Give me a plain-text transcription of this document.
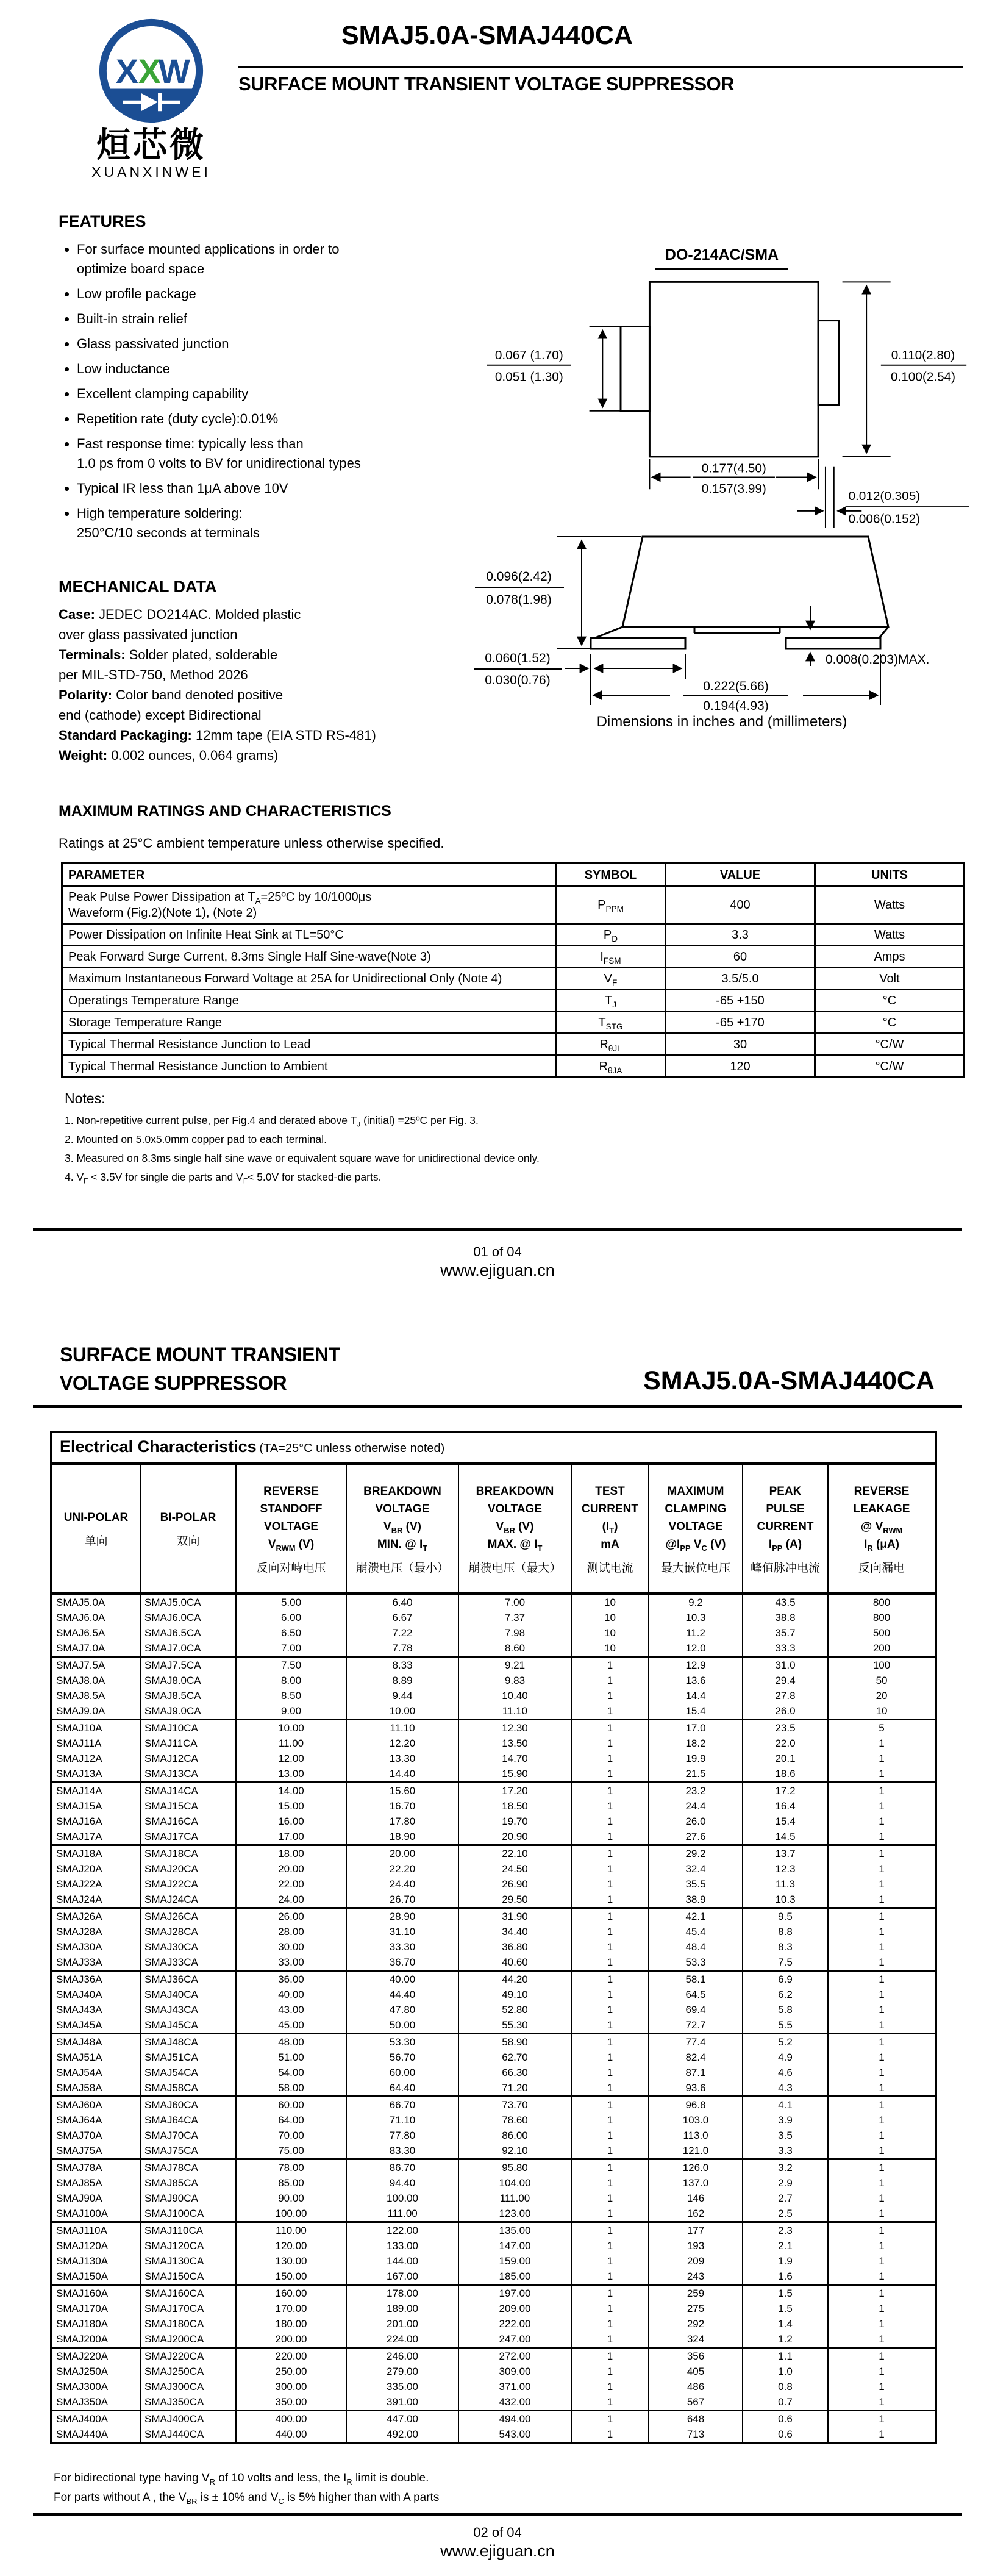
X X
W
烜芯微
XUANXINWEI
SMAJ5.0A-SMAJ440CA
SURFACE MOUNT TRANSIENT VOLTAGE SUPPRESSOR
FEATURES
• For surface mounted applications in order to
optimize board space
• Low profile package
• Built-in strain relief
• Glass passivated junction
• Low inductance
• Excellent clamping capability
• Repetition rate (duty cycle):0.01%
• Fast response time: typically less than
1.0 ps from 0 volts to BV for unidirectional types
• Typical IR less than 1μA above 10V
• High temperature soldering:
250°C/10 seconds at terminals
DO-214AC/SMA
0.067 (1.70)
0.051 (1.30)
0.110(2.80)
0.100(2.54)
0.177(4.50)
0.157(3.99)
0.012(0.305)
0.006(0.152)
0.096(2.42)
0.078(1.98)
0.060(1.52)
0.030(0.76)
0.008(0.203)MAX.
0.222(5.66)
0.194(4.93)
Dimensions in inches and (millimeters)
MECHANICAL DATA
Case: JEDEC DO214AC. Molded plastic
over glass passivated junction
Terminals: Solder plated, solderable
per MIL-STD-750, Method 2026
Polarity: Color band denoted positive
end (cathode) except Bidirectional
Standard Packaging: 12mm tape (EIA STD RS-481)
Weight: 0.002 ounces, 0.064 grams)
MAXIMUM RATINGS AND CHARACTERISTICS
Ratings at 25°C ambient temperature unless otherwise specified.
PARAMETER	SYMBOL	VALUE	UNITS
Peak Pulse Power Dissipation at $T_A=25ºC$ by 10/1000μs
Waveform (Fig.2)(Note 1), (Note 2)	$P_{PPM}$	400	Watts
Power Dissipation on Infinite Heat Sink at TL=50°C	$P_D$	3.3	Watts
Peak Forward Surge Current, 8.3ms Single Half Sine-wave(Note 3)	$I_{FSM}$	60	Amps
Maximum Instantaneous Forward Voltage at 25A for Unidirectional Only (Note 4)	$V_F$	3.5/5.0	Volt
Operatings Temperature Range	$T_J$	-65 +150	°C
Storage Temperature Range	$T_{STG}$	-65 +170	°C
Typical Thermal Resistance Junction to Lead	$R_{\theta JL}$	30	°C/W
Typical Thermal Resistance Junction to Ambient	$R_{\theta JA}$	120	°C/W
Notes:
1. Non-repetitive current pulse, per Fig.4 and derated above $T_J$ (initial) =25ºC per Fig. 3.
2. Mounted on 5.0x5.0mm copper pad to each terminal.
3. Measured on 8.3ms single half sine wave or equivalent square wave for unidirectional device only.
4. $V_F < 3.5V$ for single die parts and $V_F< 5.0V$ for stacked-die parts.
01 of 04
www.ejiguan.cn
SURFACE MOUNT TRANSIENT
VOLTAGE SUPPRESSOR	SMAJ5.0A-SMAJ440CA
Electrical Characteristics (TA=25°C unless otherwise noted)								

UNI-POLAR
单向

BI-POLAR
双向

REVERSE
STANDOFF
VOLTAGE
$V_{RWM}$ (V)
反向对峙电压

BREAKDOWN
VOLTAGE
$V_{BR}$ (V)
MIN. @ $I_T$
崩溃电压（最小）

BREAKDOWN
VOLTAGE
$V_{BR}$ (V)
MAX. @ $I_T$
崩溃电压（最大）

TEST
CURRENT
$(I_T)$
mA
测试电流

MAXIMUM
CLAMPING
VOLTAGE
$@I_{PP}$ $V_C$ (V)
最大嵌位电压

PEAK
PULSE
CURRENT
$I_{PP}$ (A)
峰值脉冲电流

REVERSE
LEAKAGE
@ $V_{RWM}$
$I_R$ (μA)
反向漏电

SMAJ5.0A	SMAJ5.0CA	5.00	6.40	7.00	10	9.2	43.5	800
SMAJ6.0A	SMAJ6.0CA	6.00	6.67	7.37	10	10.3	38.8	800
SMAJ6.5A	SMAJ6.5CA	6.50	7.22	7.98	10	11.2	35.7	500
SMAJ7.0A	SMAJ7.0CA	7.00	7.78	8.60	10	12.0	33.3	200
SMAJ7.5A	SMAJ7.5CA	7.50	8.33	9.21	1	12.9	31.0	100
SMAJ8.0A	SMAJ8.0CA	8.00	8.89	9.83	1	13.6	29.4	50
SMAJ8.5A	SMAJ8.5CA	8.50	9.44	10.40	1	14.4	27.8	20
SMAJ9.0A	SMAJ9.0CA	9.00	10.00	11.10	1	15.4	26.0	10
SMAJ10A	SMAJ10CA	10.00	11.10	12.30	1	17.0	23.5	5
SMAJ11A	SMAJ11CA	11.00	12.20	13.50	1	18.2	22.0	1
SMAJ12A	SMAJ12CA	12.00	13.30	14.70	1	19.9	20.1	1
SMAJ13A	SMAJ13CA	13.00	14.40	15.90	1	21.5	18.6	1
SMAJ14A	SMAJ14CA	14.00	15.60	17.20	1	23.2	17.2	1
SMAJ15A	SMAJ15CA	15.00	16.70	18.50	1	24.4	16.4	1
SMAJ16A	SMAJ16CA	16.00	17.80	19.70	1	26.0	15.4	1
SMAJ17A	SMAJ17CA	17.00	18.90	20.90	1	27.6	14.5	1
SMAJ18A	SMAJ18CA	18.00	20.00	22.10	1	29.2	13.7	1
SMAJ20A	SMAJ20CA	20.00	22.20	24.50	1	32.4	12.3	1
SMAJ22A	SMAJ22CA	22.00	24.40	26.90	1	35.5	11.3	1
SMAJ24A	SMAJ24CA	24.00	26.70	29.50	1	38.9	10.3	1
SMAJ26A	SMAJ26CA	26.00	28.90	31.90	1	42.1	9.5	1
SMAJ28A	SMAJ28CA	28.00	31.10	34.40	1	45.4	8.8	1
SMAJ30A	SMAJ30CA	30.00	33.30	36.80	1	48.4	8.3	1
SMAJ33A	SMAJ33CA	33.00	36.70	40.60	1	53.3	7.5	1
SMAJ36A	SMAJ36CA	36.00	40.00	44.20	1	58.1	6.9	1
SMAJ40A	SMAJ40CA	40.00	44.40	49.10	1	64.5	6.2	1
SMAJ43A	SMAJ43CA	43.00	47.80	52.80	1	69.4	5.8	1
SMAJ45A	SMAJ45CA	45.00	50.00	55.30	1	72.7	5.5	1
SMAJ48A	SMAJ48CA	48.00	53.30	58.90	1	77.4	5.2	1
SMAJ51A	SMAJ51CA	51.00	56.70	62.70	1	82.4	4.9	1
SMAJ54A	SMAJ54CA	54.00	60.00	66.30	1	87.1	4.6	1
SMAJ58A	SMAJ58CA	58.00	64.40	71.20	1	93.6	4.3	1
SMAJ60A	SMAJ60CA	60.00	66.70	73.70	1	96.8	4.1	1
SMAJ64A	SMAJ64CA	64.00	71.10	78.60	1	103.0	3.9	1
SMAJ70A	SMAJ70CA	70.00	77.80	86.00	1	113.0	3.5	1
SMAJ75A	SMAJ75CA	75.00	83.30	92.10	1	121.0	3.3	1
SMAJ78A	SMAJ78CA	78.00	86.70	95.80	1	126.0	3.2	1
SMAJ85A	SMAJ85CA	85.00	94.40	104.00	1	137.0	2.9	1
SMAJ90A	SMAJ90CA	90.00	100.00	111.00	1	146	2.7	1
SMAJ100A	SMAJ100CA	100.00	111.00	123.00	1	162	2.5	1
SMAJ110A	SMAJ110CA	110.00	122.00	135.00	1	177	2.3	1
SMAJ120A	SMAJ120CA	120.00	133.00	147.00	1	193	2.1	1
SMAJ130A	SMAJ130CA	130.00	144.00	159.00	1	209	1.9	1
SMAJ150A	SMAJ150CA	150.00	167.00	185.00	1	243	1.6	1
SMAJ160A	SMAJ160CA	160.00	178.00	197.00	1	259	1.5	1
SMAJ170A	SMAJ170CA	170.00	189.00	209.00	1	275	1.5	1
SMAJ180A	SMAJ180CA	180.00	201.00	222.00	1	292	1.4	1
SMAJ200A	SMAJ200CA	200.00	224.00	247.00	1	324	1.2	1
SMAJ220A	SMAJ220CA	220.00	246.00	272.00	1	356	1.1	1
SMAJ250A	SMAJ250CA	250.00	279.00	309.00	1	405	1.0	1
SMAJ300A	SMAJ300CA	300.00	335.00	371.00	1	486	0.8	1
SMAJ350A	SMAJ350CA	350.00	391.00	432.00	1	567	0.7	1
SMAJ400A	SMAJ400CA	400.00	447.00	494.00	1	648	0.6	1
SMAJ440A	SMAJ440CA	440.00	492.00	543.00	1	713	0.6	1
For bidirectional type having $V_R$ of 10 volts and less, the $I_R$ limit is double.
For parts without A , the $V_{BR}$ is ± 10% and $V_C$ is 5% higher than with A parts
02 of 04
www.ejiguan.cn
